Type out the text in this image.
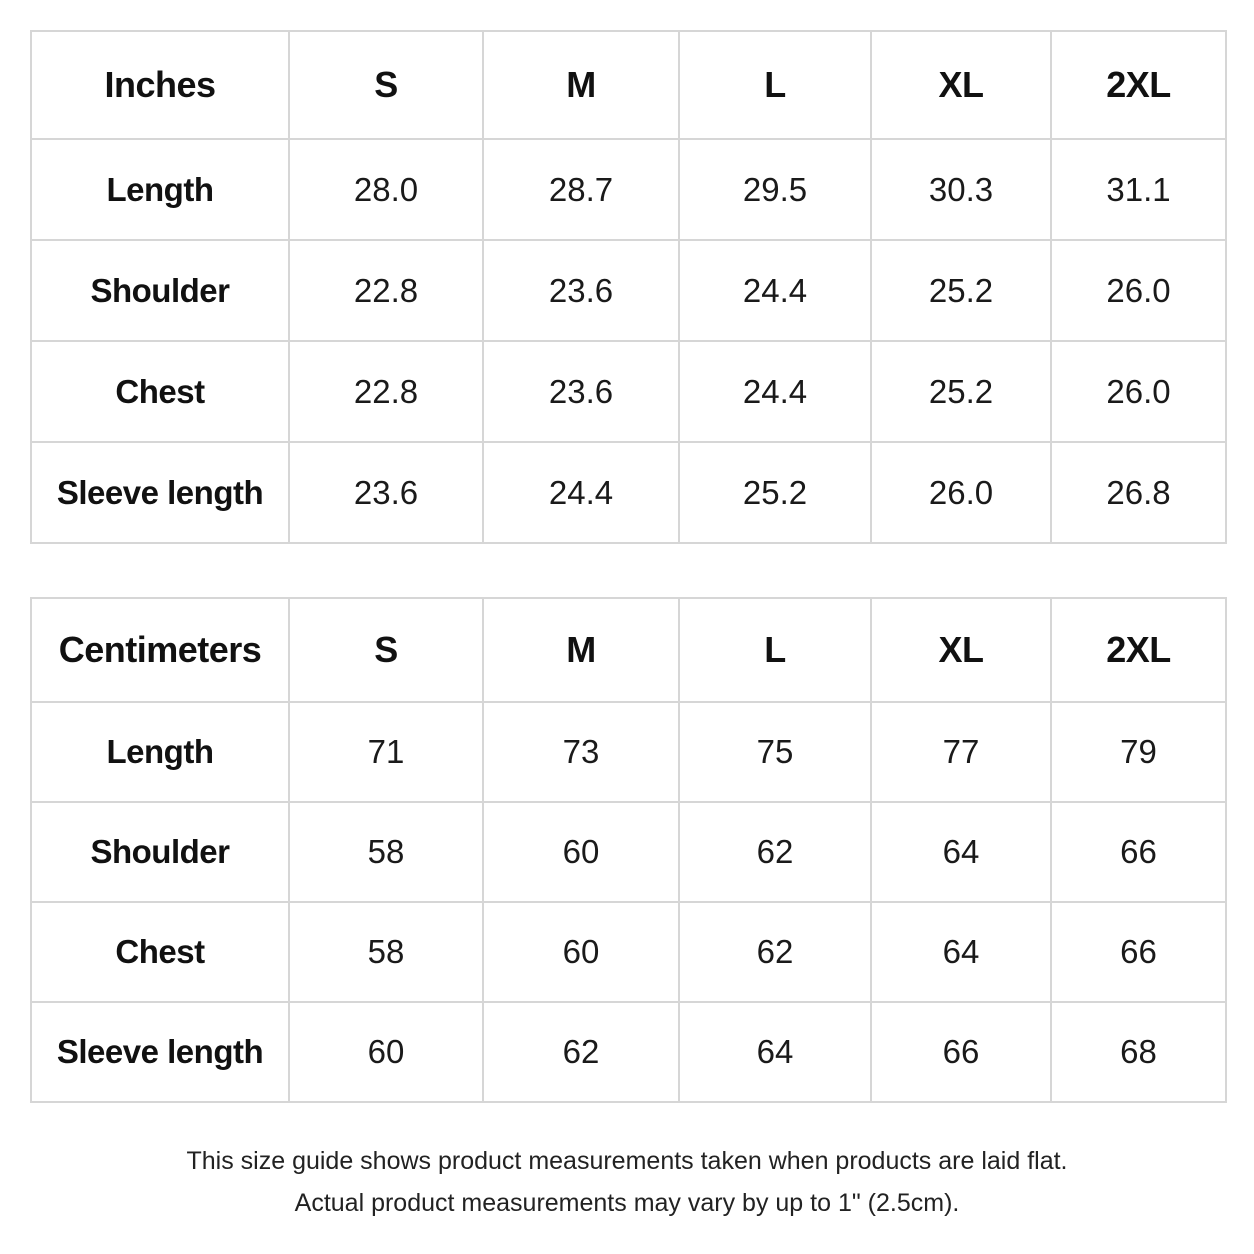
Inches	S	M	L	XL	2XL
Length	28.0	28.7	29.5	30.3	31.1
Shoulder	22.8	23.6	24.4	25.2	26.0
Chest	22.8	23.6	24.4	25.2	26.0
Sleeve length	23.6	24.4	25.2	26.0	26.8
Centimeters	S	M	L	XL	2XL
Length	71	73	75	77	79
Shoulder	58	60	62	64	66
Chest	58	60	62	64	66
Sleeve length	60	62	64	66	68
This size guide shows product measurements taken when products are laid flat.
Actual product measurements may vary by up to 1" (2.5cm).
